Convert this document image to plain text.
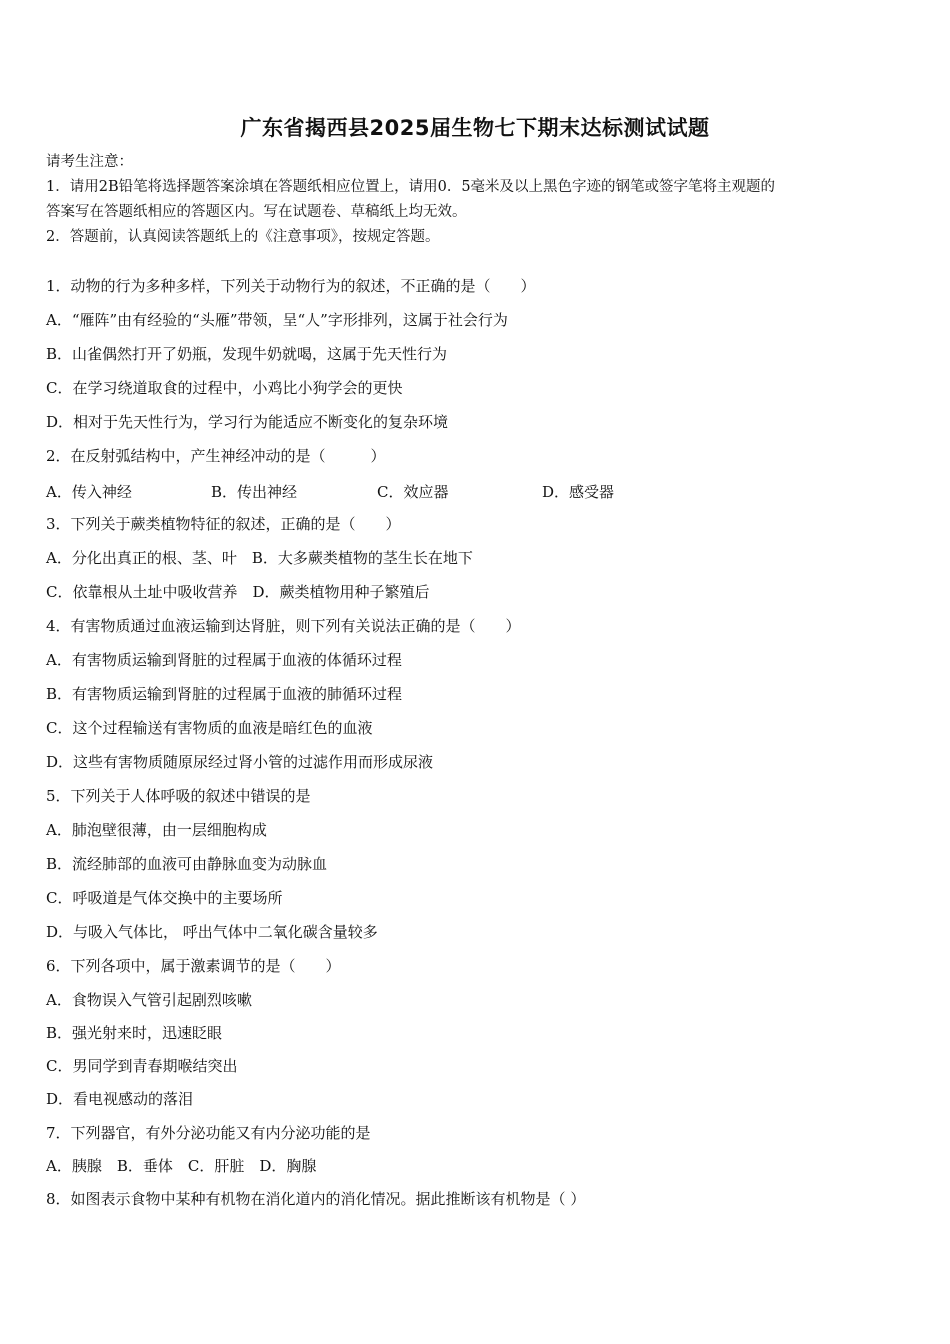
广东省揭西县2025届生物七下期末达标测试试题
请考生注意：
1．请用2B铅笔将选择题答案涂填在答题纸相应位置上，请用0．5毫米及以上黑色字迹的钢笔或签字笔将主观题的
答案写在答题纸相应的答题区内。写在试题卷、草稿纸上均无效。
2．答题前，认真阅读答题纸上的《注意事项》，按规定答题。
1．动物的行为多种多样，下列关于动物行为的叙述，不正确的是（　　）
A．“雁阵”由有经验的“头雁”带领，呈“人”字形排列，这属于社会行为
B．山雀偶然打开了奶瓶，发现牛奶就喝，这属于先天性行为
C．在学习绕道取食的过程中，小鸡比小狗学会的更快
D．相对于先天性行为，学习行为能适应不断变化的复杂环境
2．在反射弧结构中，产生神经冲动的是（　　　）
A．传入神经	B．传出神经	C．效应器	D．感受器
3．下列关于蕨类植物特征的叙述，正确的是（　　）
A．分化出真正的根、茎、叶　B．大多蕨类植物的茎生长在地下
C．依靠根从土址中吸收营养　D．蕨类植物用种子繁殖后
4．有害物质通过血液运输到达肾脏，则下列有关说法正确的是（　　）
A．有害物质运输到肾脏的过程属于血液的体循环过程
B．有害物质运输到肾脏的过程属于血液的肺循环过程
C．这个过程输送有害物质的血液是暗红色的血液
D．这些有害物质随原尿经过肾小管的过滤作用而形成尿液
5．下列关于人体呼吸的叙述中错误的是
A．肺泡壁很薄，由一层细胞构成
B．流经肺部的血液可由静脉血变为动脉血
C．呼吸道是气体交换中的主要场所
D．与吸入气体比， 呼出气体中二氧化碳含量较多
6．下列各项中，属于激素调节的是（　　）
A．食物误入气管引起剧烈咳嗽
B．强光射来时，迅速眨眼
C．男同学到青春期喉结突出
D．看电视感动的落泪
7．下列器官，有外分泌功能又有内分泌功能的是
A．胰腺　B．垂体　C．肝脏　D．胸腺
8．如图表示食物中某种有机物在消化道内的消化情况。据此推断该有机物是（ ）
